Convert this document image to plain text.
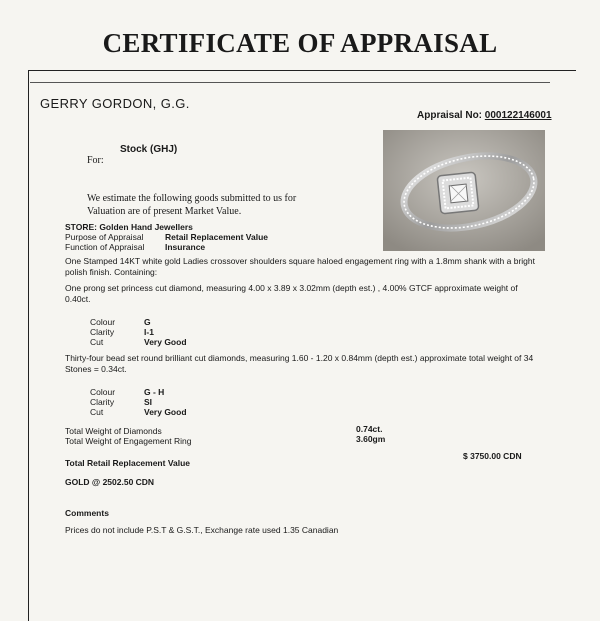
CERTIFICATE OF APPRAISAL
GERRY GORDON, G.G.
Appraisal No: 000122146001
Stock (GHJ)
For:
We estimate the following goods submitted to us for Valuation are of present Market Value.
STORE: Golden Hand Jewellers
Purpose of Appraisal	Retail Replacement Value
Function of Appraisal Insurance
One Stamped 14KT white gold Ladies crossover shoulders square haloed engagement ring with a 1.8mm shank with a bright polish finish. Containing:
One prong set princess cut diamond, measuring 4.00 x 3.89 x 3.02mm (depth est.) , 4.00% GTCF approximate weight of 0.40ct.
Colour	G
Clarity	I-1
Cut	Very Good
Thirty-four bead set round brilliant cut diamonds, measuring 1.60 - 1.20 x 0.84mm (depth est.) approximate total weight of 34 Stones = 0.34ct.
Colour	G - H
Clarity	SI
Cut	Very Good
Total Weight of Diamonds	0.74ct.
Total Weight of Engagement Ring	3.60gm
$ 3750.00 CDN
Total Retail Replacement Value
GOLD @ 2502.50 CDN
Comments
Prices do not include P.S.T & G.S.T., Exchange rate used 1.35 Canadian
